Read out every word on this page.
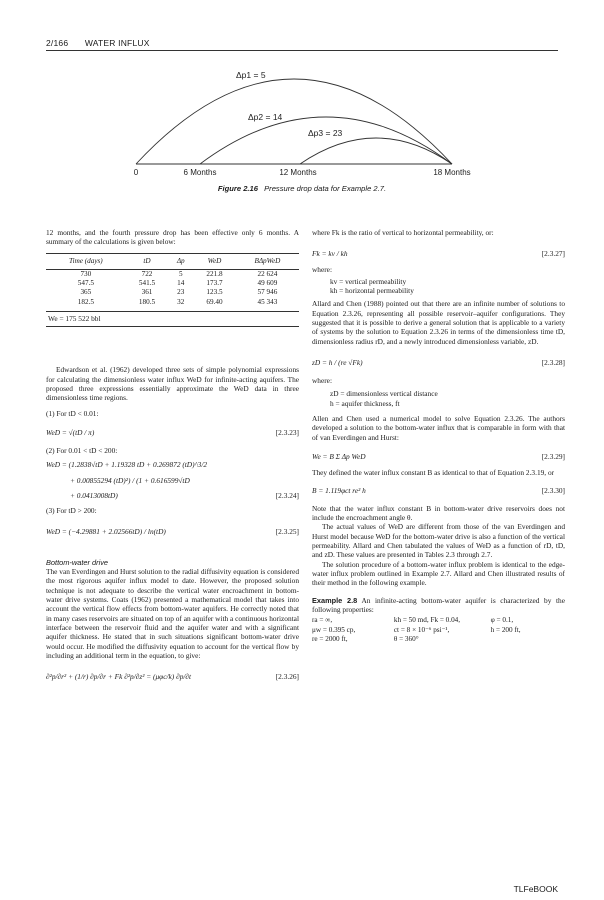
2/166 WATER INFLUX
Δp1 = 5
Δp2 = 14
Δp3 = 23
0	6 Months	12 Months	18 Months
Figure 2.16 Pressure drop data for Example 2.7.

12 months, and the fourth pressure drop has been effective only 6 months. A summary of the calculations is given below:

Time (days)	tD	Δp	WeD	BΔpWeD
730	722	5	221.8	22 624
547.5	541.5	14	173.7	49 609
365	361	23	123.5	57 946
182.5	180.5	32	69.40	45 343
We = 175 522 bbl

Edwardson et al. (1962) developed three sets of simple polynomial expressions for calculating the dimensionless water influx WeD for infinite-acting aquifers. The proposed three expressions essentially approximate the WeD data in three dimensionless time regions.

(1) For tD < 0.01:

WeD = √(tD / π)	[2.3.23]

(2) For 0.01 < tD < 200:

WeD = (1.2838√tD + 1.19328 tD + 0.269872 (tD)^3/2
+ 0.00855294 (tD)²) / (1 + 0.616599√tD
+ 0.0413008tD)	[2.3.24]

(3) For tD > 200:

WeD = (−4.29881 + 2.02566tD) / ln(tD)	[2.3.25]
Bottom-water drive

The van Everdingen and Hurst solution to the radial diffusivity equation is considered the most rigorous aquifer influx model to date. However, the proposed solution technique is not adequate to describe the vertical water encroachment in bottom-water drive systems. Coats (1962) presented a mathematical model that takes into account the vertical flow effects from bottom-water aquifers. He correctly noted that in many cases reservoirs are situated on top of an aquifer with a continuous horizontal interface between the reservoir fluid and the aquifer water and with a significant aquifer thickness. He stated that in such situations significant bottom-water drive would occur. He modified the diffusivity equation to account for the vertical flow by including an additional term in the equation, to give:

∂²p/∂r² + (1/r) ∂p/∂r + Fk ∂²p/∂z² = (μφc/k) ∂p/∂t	[2.3.26]

where Fk is the ratio of vertical to horizontal permeability, or:

Fk = kv / kh	[2.3.27]

where:

kv = vertical permeability
kh = horizontal permeability

Allard and Chen (1988) pointed out that there are an infinite number of solutions to Equation 2.3.26, representing all possible reservoir–aquifer configurations. They suggested that it is possible to derive a general solution that is applicable to a variety of systems by the solution to Equation 2.3.26 in terms of the dimensionless time tD, dimensionless radius rD, and a newly introduced dimensionless variable, zD.

zD = h / (re √Fk)	[2.3.28]

where:

zD = dimensionless vertical distance
h = aquifer thickness, ft

Allen and Chen used a numerical model to solve Equation 2.3.26. The authors developed a solution to the bottom-water influx that is comparable in form with that of van Everdingen and Hurst:

We = B Σ Δp WeD	[2.3.29]

They defined the water influx constant B as identical to that of Equation 2.3.19, or

B = 1.119φct re² h	[2.3.30]

Note that the water influx constant B in bottom-water drive reservoirs does not include the encroachment angle θ.

The actual values of WeD are different from those of the van Everdingen and Hurst model because WeD for the bottom-water drive is also a function of the vertical permeability. Allard and Chen tabulated the values of WeD as a function of rD, tD, and zD. These values are presented in Tables 2.3 through 2.7.

The solution procedure of a bottom-water influx problem is identical to the edge-water influx problem outlined in Example 2.7. Allard and Chen illustrated results of their method in the following example.

Example 2.8 An infinite-acting bottom-water aquifer is characterized by the following properties:

ra = ∞,	kh = 50 md, Fk = 0.04,	φ = 0.1,
μw = 0.395 cp,	ct = 8 × 10⁻⁶ psi⁻¹,	h = 200 ft,
re = 2000 ft,	θ = 360°
TLFeBOOK
